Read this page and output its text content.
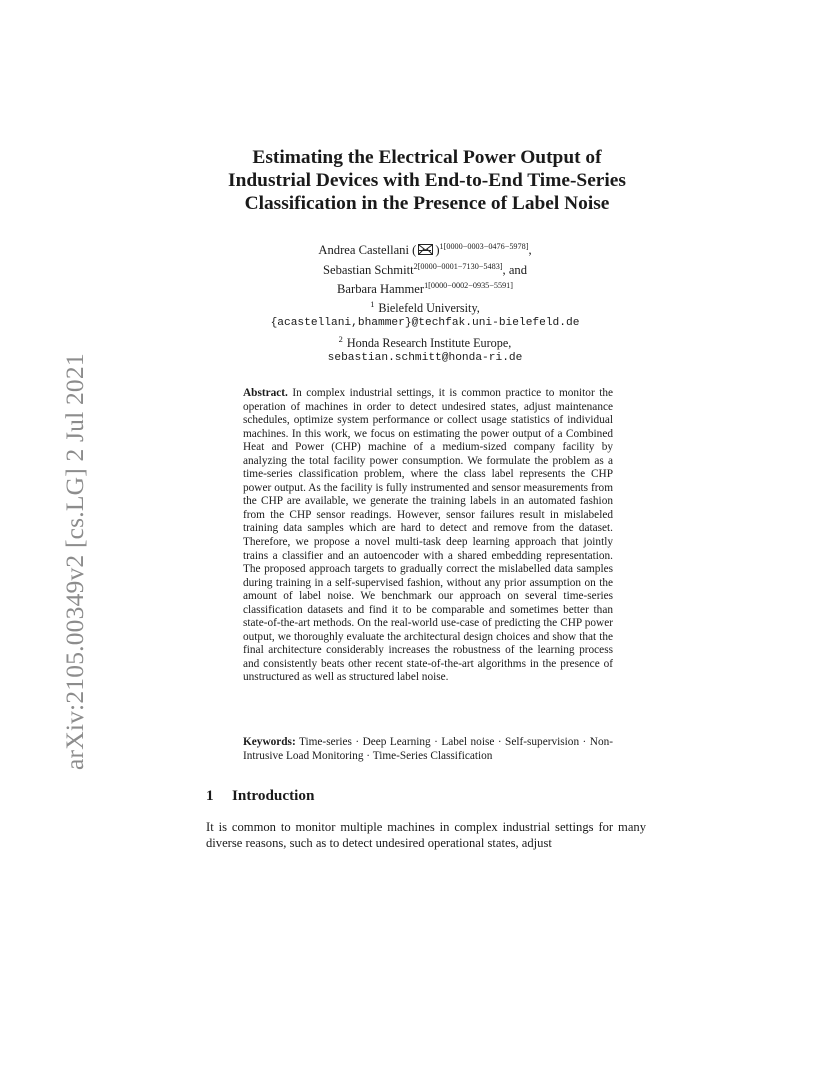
arXiv:2105.00349v2 [cs.LG] 2 Jul 2021
Estimating the Electrical Power Output of
Industrial Devices with End-to-End Time-Series
Classification in the Presence of Label Noise
Andrea Castellani ( )$^{1[0000-0003-0476-5978]}$,
Sebastian Schmitt$^{2[0000-0001-7130-5483]}$, and
Barbara Hammer$^{1[0000-0002-0935-5591]}$
$^1$ Bielefeld University,
{acastellani,bhammer}@techfak.uni-bielefeld.de
$^2$ Honda Research Institute Europe,
sebastian.schmitt@honda-ri.de
Abstract. In complex industrial settings, it is common practice to monitor the operation of machines in order to detect undesired states, adjust maintenance schedules, optimize system performance or collect usage statistics of individual machines. In this work, we focus on estimating the power output of a Combined Heat and Power (CHP) machine of a medium-sized company facility by analyzing the total facility power consumption. We formulate the problem as a time-series classification problem, where the class label represents the CHP power output. As the facility is fully instrumented and sensor measurements from the CHP are available, we generate the training labels in an automated fashion from the CHP sensor readings. However, sensor failures result in mislabeled training data samples which are hard to detect and remove from the dataset. Therefore, we propose a novel multi-task deep learning approach that jointly trains a classifier and an autoencoder with a shared embedding representation. The proposed approach targets to gradually correct the mislabelled data samples during training in a self-supervised fashion, without any prior assumption on the amount of label noise. We benchmark our approach on several time-series classification datasets and find it to be comparable and sometimes better than state-of-the-art methods. On the real-world use-case of predicting the CHP power output, we thoroughly evaluate the architectural design choices and show that the final architecture considerably increases the robustness of the learning process and consistently beats other recent state-of-the-art algorithms in the presence of unstructured as well as structured label noise.
Keywords: Time-series · Deep Learning · Label noise · Self-supervision · Non-Intrusive Load Monitoring · Time-Series Classification
1 Introduction
It is common to monitor multiple machines in complex industrial settings for many diverse reasons, such as to detect undesired operational states, adjust
